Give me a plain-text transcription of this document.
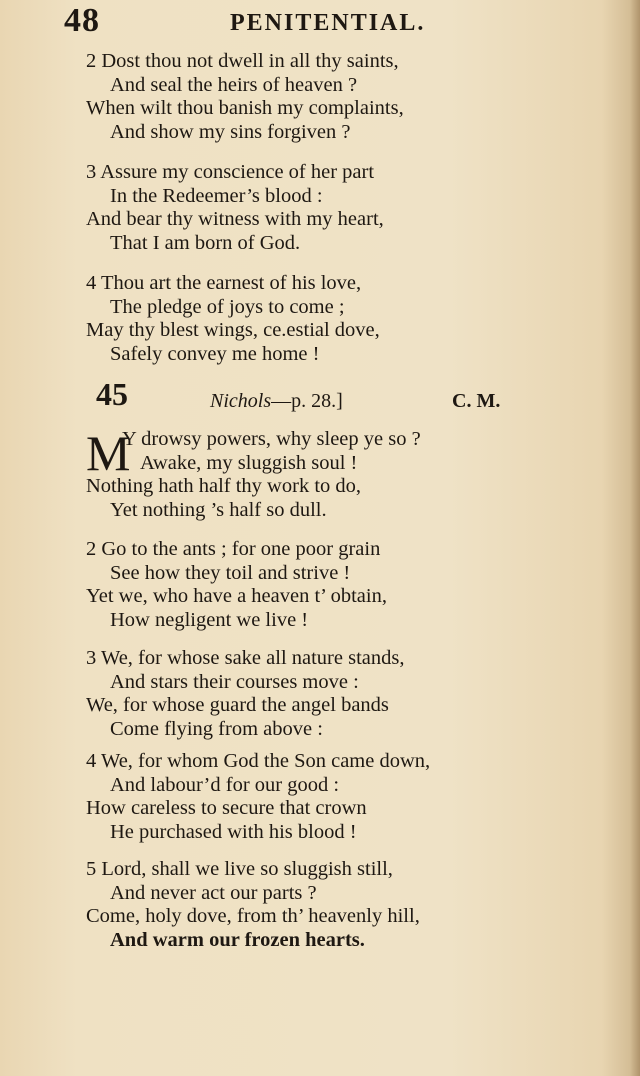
48	PENITENTIAL.
2 Dost thou not dwell in all thy saints,
And seal the heirs of heaven ?
When wilt thou banish my complaints,
And show my sins forgiven ?
3 Assure my conscience of her part
In the Redeemer’s blood :
And bear thy witness with my heart,
That I am born of God.
4 Thou art the earnest of his love,
The pledge of joys to come ;
May thy blest wings, ce.estial dove,
Safely convey me home !
45	Nichols—p. 28.]	C. M.
M
Y drowsy powers, why sleep ye so ?
Awake, my sluggish soul !
Nothing hath half thy work to do,
Yet nothing ’s half so dull.
2 Go to the ants ; for one poor grain
See how they toil and strive !
Yet we, who have a heaven t’ obtain,
How negligent we live !
3 We, for whose sake all nature stands,
And stars their courses move :
We, for whose guard the angel bands
Come flying from above :
4 We, for whom God the Son came down,
And labour’d for our good :
How careless to secure that crown
He purchased with his blood !
5 Lord, shall we live so sluggish still,
And never act our parts ?
Come, holy dove, from th’ heavenly hill,
And warm our frozen hearts.
